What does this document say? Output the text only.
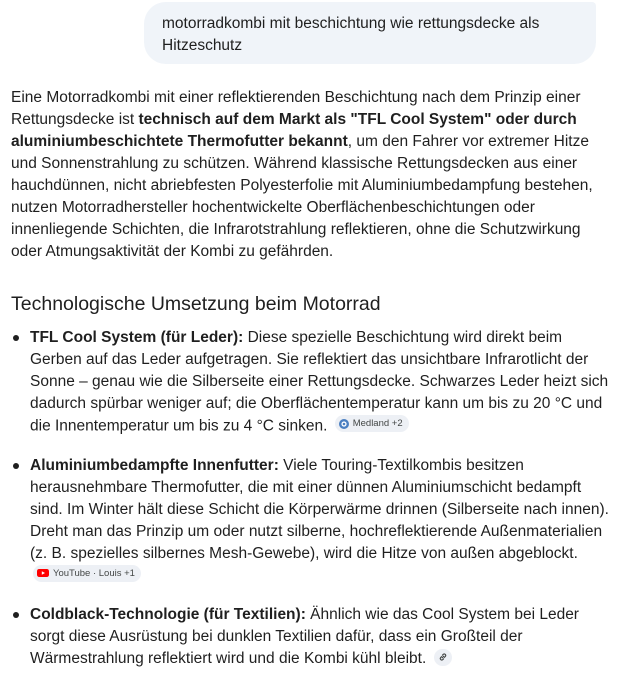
motorradkombi mit beschichtung wie rettungsdecke als Hitzeschutz

Eine Motorradkombi mit einer reflektierenden Beschichtung nach dem Prinzip einer Rettungsdecke ist technisch auf dem Markt als "TFL Cool System" oder durch aluminiumbeschichtete Thermofutter bekannt, um den Fahrer vor extremer Hitze und Sonnenstrahlung zu schützen. Während klassische Rettungsdecken aus einer hauchdünnen, nicht abriebfesten Polyesterfolie mit Aluminiumbedampfung bestehen, nutzen Motorradhersteller hochentwickelte Oberflächenbeschichtungen oder innenliegende Schichten, die Infrarotstrahlung reflektieren, ohne die Schutzwirkung oder Atmungsaktivität der Kombi zu gefährden.

Technologische Umsetzung beim Motorrad
TFL Cool System (für Leder): Diese spezielle Beschichtung wird direkt beim Gerben auf das Leder aufgetragen. Sie reflektiert das unsichtbare Infrarotlicht der Sonne – genau wie die Silberseite einer Rettungsdecke. Schwarzes Leder heizt sich dadurch spürbar weniger auf; die Oberflächentemperatur kann um bis zu 20 °C und die Innentemperatur um bis zu 4 °C sinken.	Medland +2
Aluminiumbedampfte Innenfutter: Viele Touring-Textilkombis besitzen herausnehmbare Thermofutter, die mit einer dünnen Aluminiumschicht bedampft sind. Im Winter hält diese Schicht die Körperwärme drinnen (Silberseite nach innen). Dreht man das Prinzip um oder nutzt silberne, hochreflektierende Außenmaterialien (z. B. spezielles silbernes Mesh-Gewebe), wird die Hitze von außen abgeblockt.
YouTube · Louis +1
Coldblack-Technologie (für Textilien): Ähnlich wie das Cool System bei Leder sorgt diese Ausrüstung bei dunklen Textilien dafür, dass ein Großteil der Wärmestrahlung reflektiert wird und die Kombi kühl bleibt.
